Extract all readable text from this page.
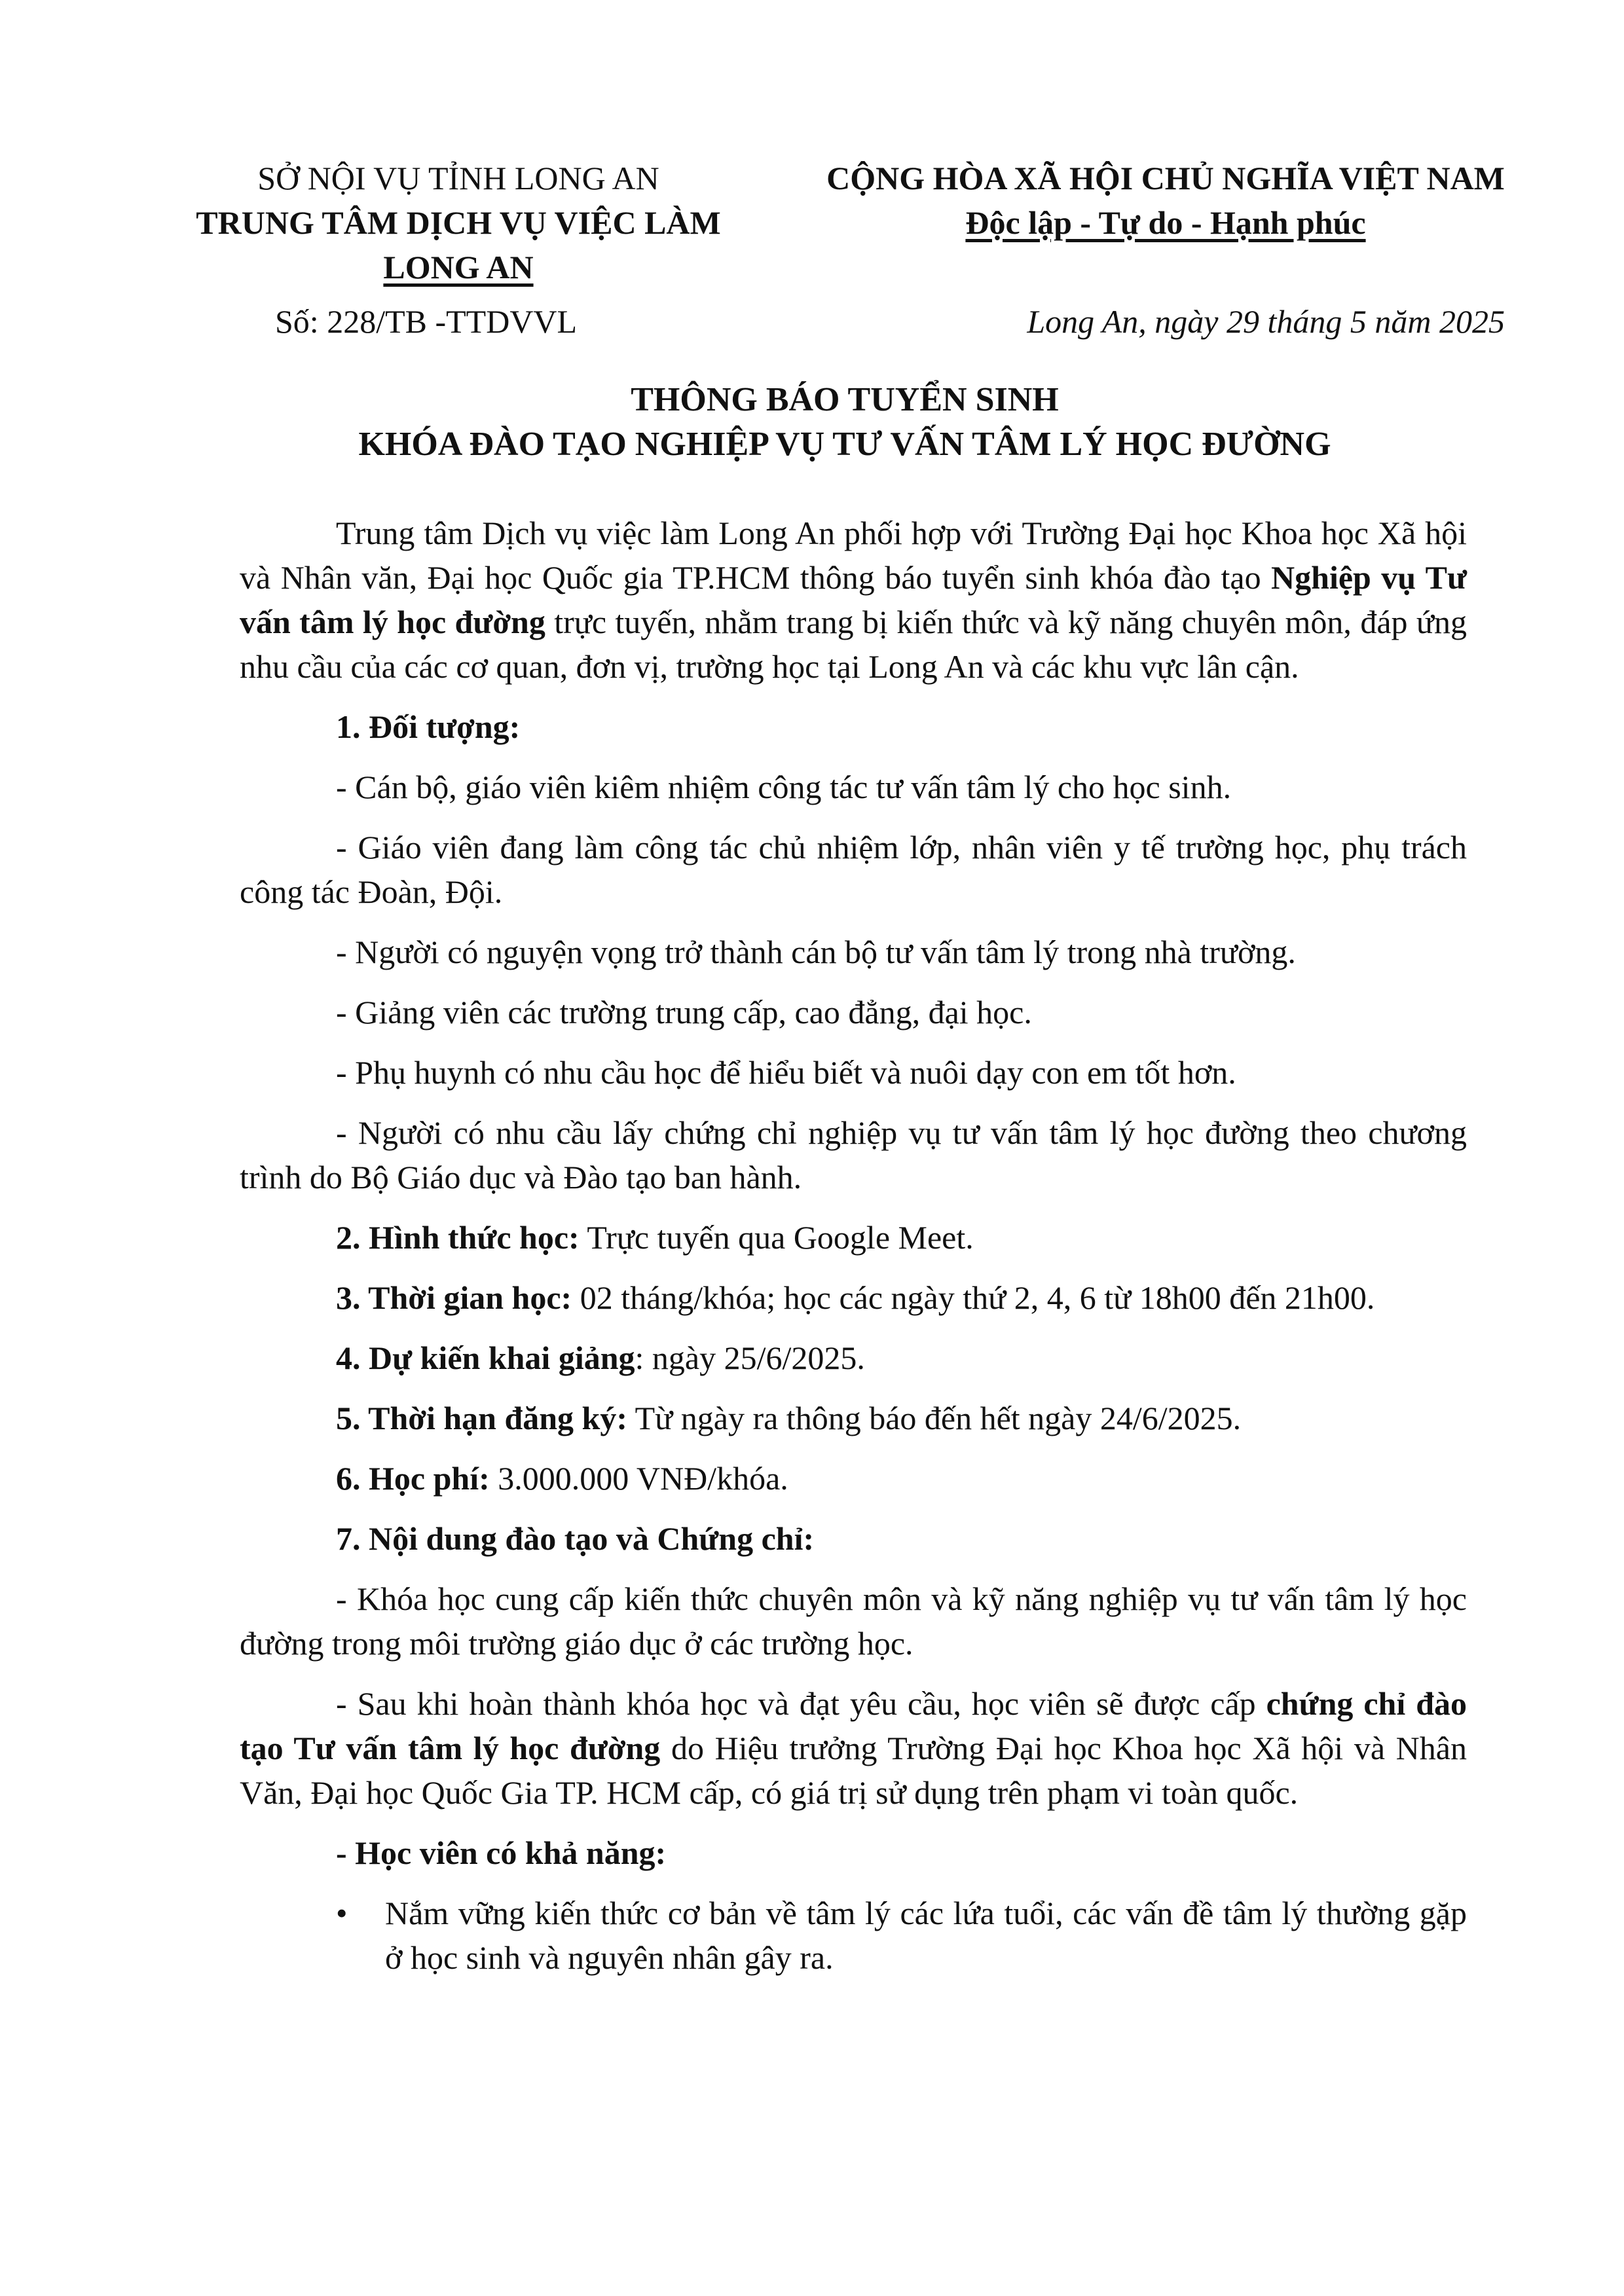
SỞ NỘI VỤ TỈNH LONG AN
TRUNG TÂM DỊCH VỤ VIỆC LÀM
LONG AN
CỘNG HÒA XÃ HỘI CHỦ NGHĨA VIỆT NAM
Độc lập - Tự do - Hạnh phúc
Số: 228/TB -TTDVVL	Long An, ngày 29 tháng 5 năm 2025
THÔNG BÁO TUYỂN SINH
KHÓA ĐÀO TẠO NGHIỆP VỤ TƯ VẤN TÂM LÝ HỌC ĐƯỜNG

Trung tâm Dịch vụ việc làm Long An phối hợp với Trường Đại học Khoa học Xã hội và Nhân văn, Đại học Quốc gia TP.HCM thông báo tuyển sinh khóa đào tạo Nghiệp vụ Tư vấn tâm lý học đường trực tuyến, nhằm trang bị kiến thức và kỹ năng chuyên môn, đáp ứng nhu cầu của các cơ quan, đơn vị, trường học tại Long An và các khu vực lân cận.

1. Đối tượng:

- Cán bộ, giáo viên kiêm nhiệm công tác tư vấn tâm lý cho học sinh.

- Giáo viên đang làm công tác chủ nhiệm lớp, nhân viên y tế trường học, phụ trách công tác Đoàn, Đội.

- Người có nguyện vọng trở thành cán bộ tư vấn tâm lý trong nhà trường.

- Giảng viên các trường trung cấp, cao đẳng, đại học.

- Phụ huynh có nhu cầu học để hiểu biết và nuôi dạy con em tốt hơn.

- Người có nhu cầu lấy chứng chỉ nghiệp vụ tư vấn tâm lý học đường theo chương trình do Bộ Giáo dục và Đào tạo ban hành.

2. Hình thức học: Trực tuyến qua Google Meet.

3. Thời gian học: 02 tháng/khóa; học các ngày thứ 2, 4, 6 từ 18h00 đến 21h00.

4. Dự kiến khai giảng: ngày 25/6/2025.

5. Thời hạn đăng ký: Từ ngày ra thông báo đến hết ngày 24/6/2025.

6. Học phí: 3.000.000 VNĐ/khóa.

7. Nội dung đào tạo và Chứng chỉ:

- Khóa học cung cấp kiến thức chuyên môn và kỹ năng nghiệp vụ tư vấn tâm lý học đường trong môi trường giáo dục ở các trường học.

- Sau khi hoàn thành khóa học và đạt yêu cầu, học viên sẽ được cấp chứng chỉ đào tạo Tư vấn tâm lý học đường do Hiệu trưởng Trường Đại học Khoa học Xã hội và Nhân Văn, Đại học Quốc Gia TP. HCM cấp, có giá trị sử dụng trên phạm vi toàn quốc.

- Học viên có khả năng:
• Nắm vững kiến thức cơ bản về tâm lý các lứa tuổi, các vấn đề tâm lý thường gặp ở học sinh và nguyên nhân gây ra.
